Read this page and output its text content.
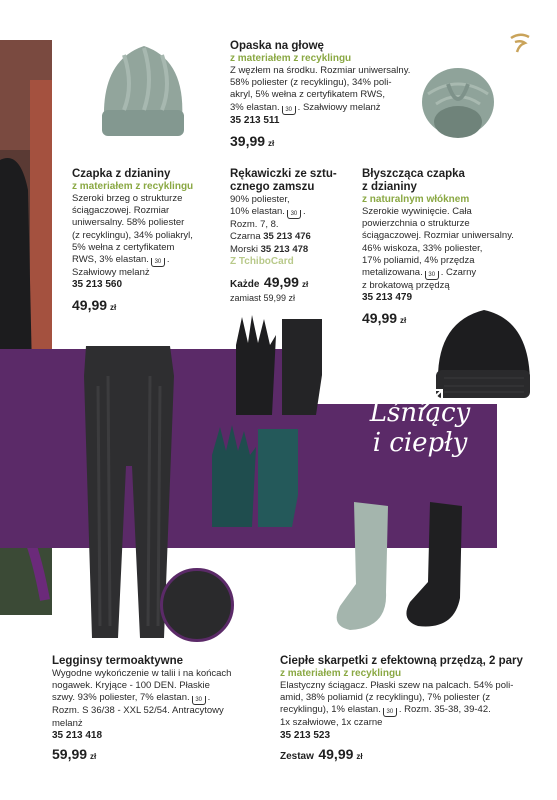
Lśniący
i ciepły
Opaska na głowę
z materiałem z recyklingu
Z węzłem na środku. Rozmiar uniwersalny.
58% poliester (z recyklingu), 34% poli-
akryl, 5% wełna z certyfikatem RWS,
3% elastan. 30 . Szałwiowy melanż
35 213 511
39,99 zł
Czapka z dzianiny
z materiałem z recyklingu
Szeroki brzeg o strukturze
ściągaczowej. Rozmiar
uniwersalny. 58% poliester
(z recyklingu), 34% poliakryl,
5% wełna z certyfikatem
RWS, 3% elastan. 30 .
Szałwiowy melanż
35 213 560
49,99 zł
Rękawiczki ze sztu-
cznego zamszu
90% poliester,
10% elastan. 30 .
Rozm. 7, 8.
Czarna 35 213 476
Morski 35 213 478
Z TchiboCard
Każde 49,99 zł
zamiast 59,99 zł
Błyszcząca czapka
z dzianiny
z naturalnym włóknem
Szerokie wywinięcie. Cała
powierzchnia o strukturze
ściągaczowej. Rozmiar uniwersalny.
46% wiskoza, 33% poliester,
17% poliamid, 4% przędza
metalizowana. 30 . Czarny
z brokatową przędzą
35 213 479
49,99 zł
Legginsy termoaktywne
Wygodne wykończenie w talii i na końcach
nogawek. Kryjące - 100 DEN. Płaskie
szwy. 93% poliester, 7% elastan. 30 .
Rozm. S 36/38 - XXL 52/54. Antracytowy
melanż
35 213 418
59,99 zł
Ciepłe skarpetki z efektowną przędzą, 2 pary
z materiałem z recyklingu
Elastyczny ściągacz. Płaski szew na palcach. 54% poli-
amid, 38% poliamid (z recyklingu), 7% poliester (z
recyklingu), 1% elastan. 30 . Rozm. 35-38, 39-42.
1x szałwiowe, 1x czarne
35 213 523
Zestaw 49,99 zł
